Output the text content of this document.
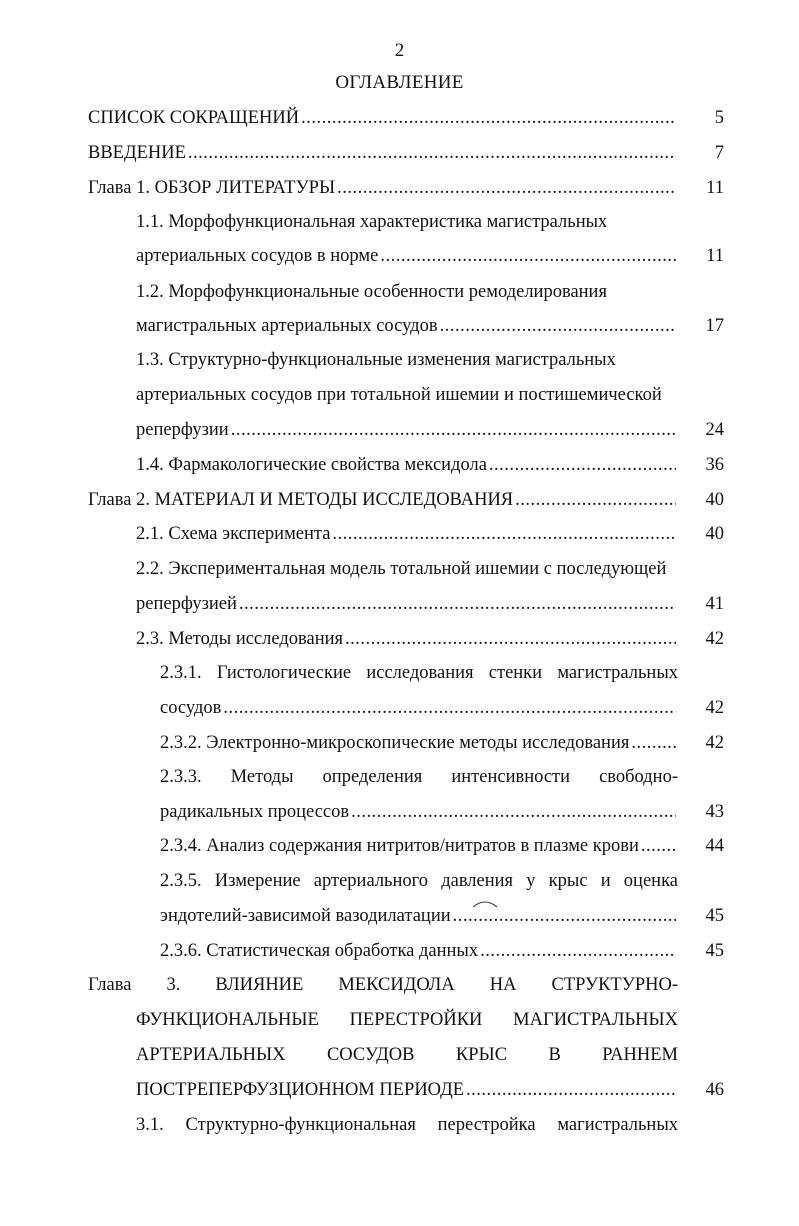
2
ОГЛАВЛЕНИЕ
СПИСОК СОКРАЩЕНИЙ .....	5
ВВЕДЕНИЕ .....	7
Глава 1. ОБЗОР ЛИТЕРАТУРЫ .....	11
1.1. Морфофункциональная характеристика магистральных
артериальных сосудов в норме .....	11
1.2. Морфофункциональные особенности ремоделирования
магистральных артериальных сосудов .....	17
1.3. Структурно-функциональные изменения магистральных
артериальных сосудов при тотальной ишемии и постишемической
реперфузии .....	24
1.4. Фармакологические свойства мексидола .....	36
Глава 2. МАТЕРИАЛ И МЕТОДЫ ИССЛЕДОВАНИЯ .....	40
2.1. Схема эксперимента .....	40
2.2. Экспериментальная модель тотальной ишемии с последующей
реперфузией .....	41
2.3. Методы исследования .....	42
2.3.1. Гистологические исследования стенки магистральных
сосудов .....	42
2.3.2. Электронно-микроскопические методы исследования .....	42
2.3.3. Методы определения интенсивности свободно-
радикальных процессов .....	43
2.3.4. Анализ содержания нитритов/нитратов в плазме крови .....	44
2.3.5. Измерение артериального давления у крыс и оценка
эндотелий-зависимой вазодилатации .....	45
2.3.6. Статистическая обработка данных .....	45
Глава 3. ВЛИЯНИЕ МЕКСИДОЛА НА СТРУКТУРНО-
ФУНКЦИОНАЛЬНЫЕ ПЕРЕСТРОЙКИ МАГИСТРАЛЬНЫХ
АРТЕРИАЛЬНЫХ СОСУДОВ КРЫС В РАННЕМ
ПОСТРЕПЕРФУЗЦИОННОМ ПЕРИОДЕ .....	46
3.1. Структурно-функциональная перестройка магистральных
